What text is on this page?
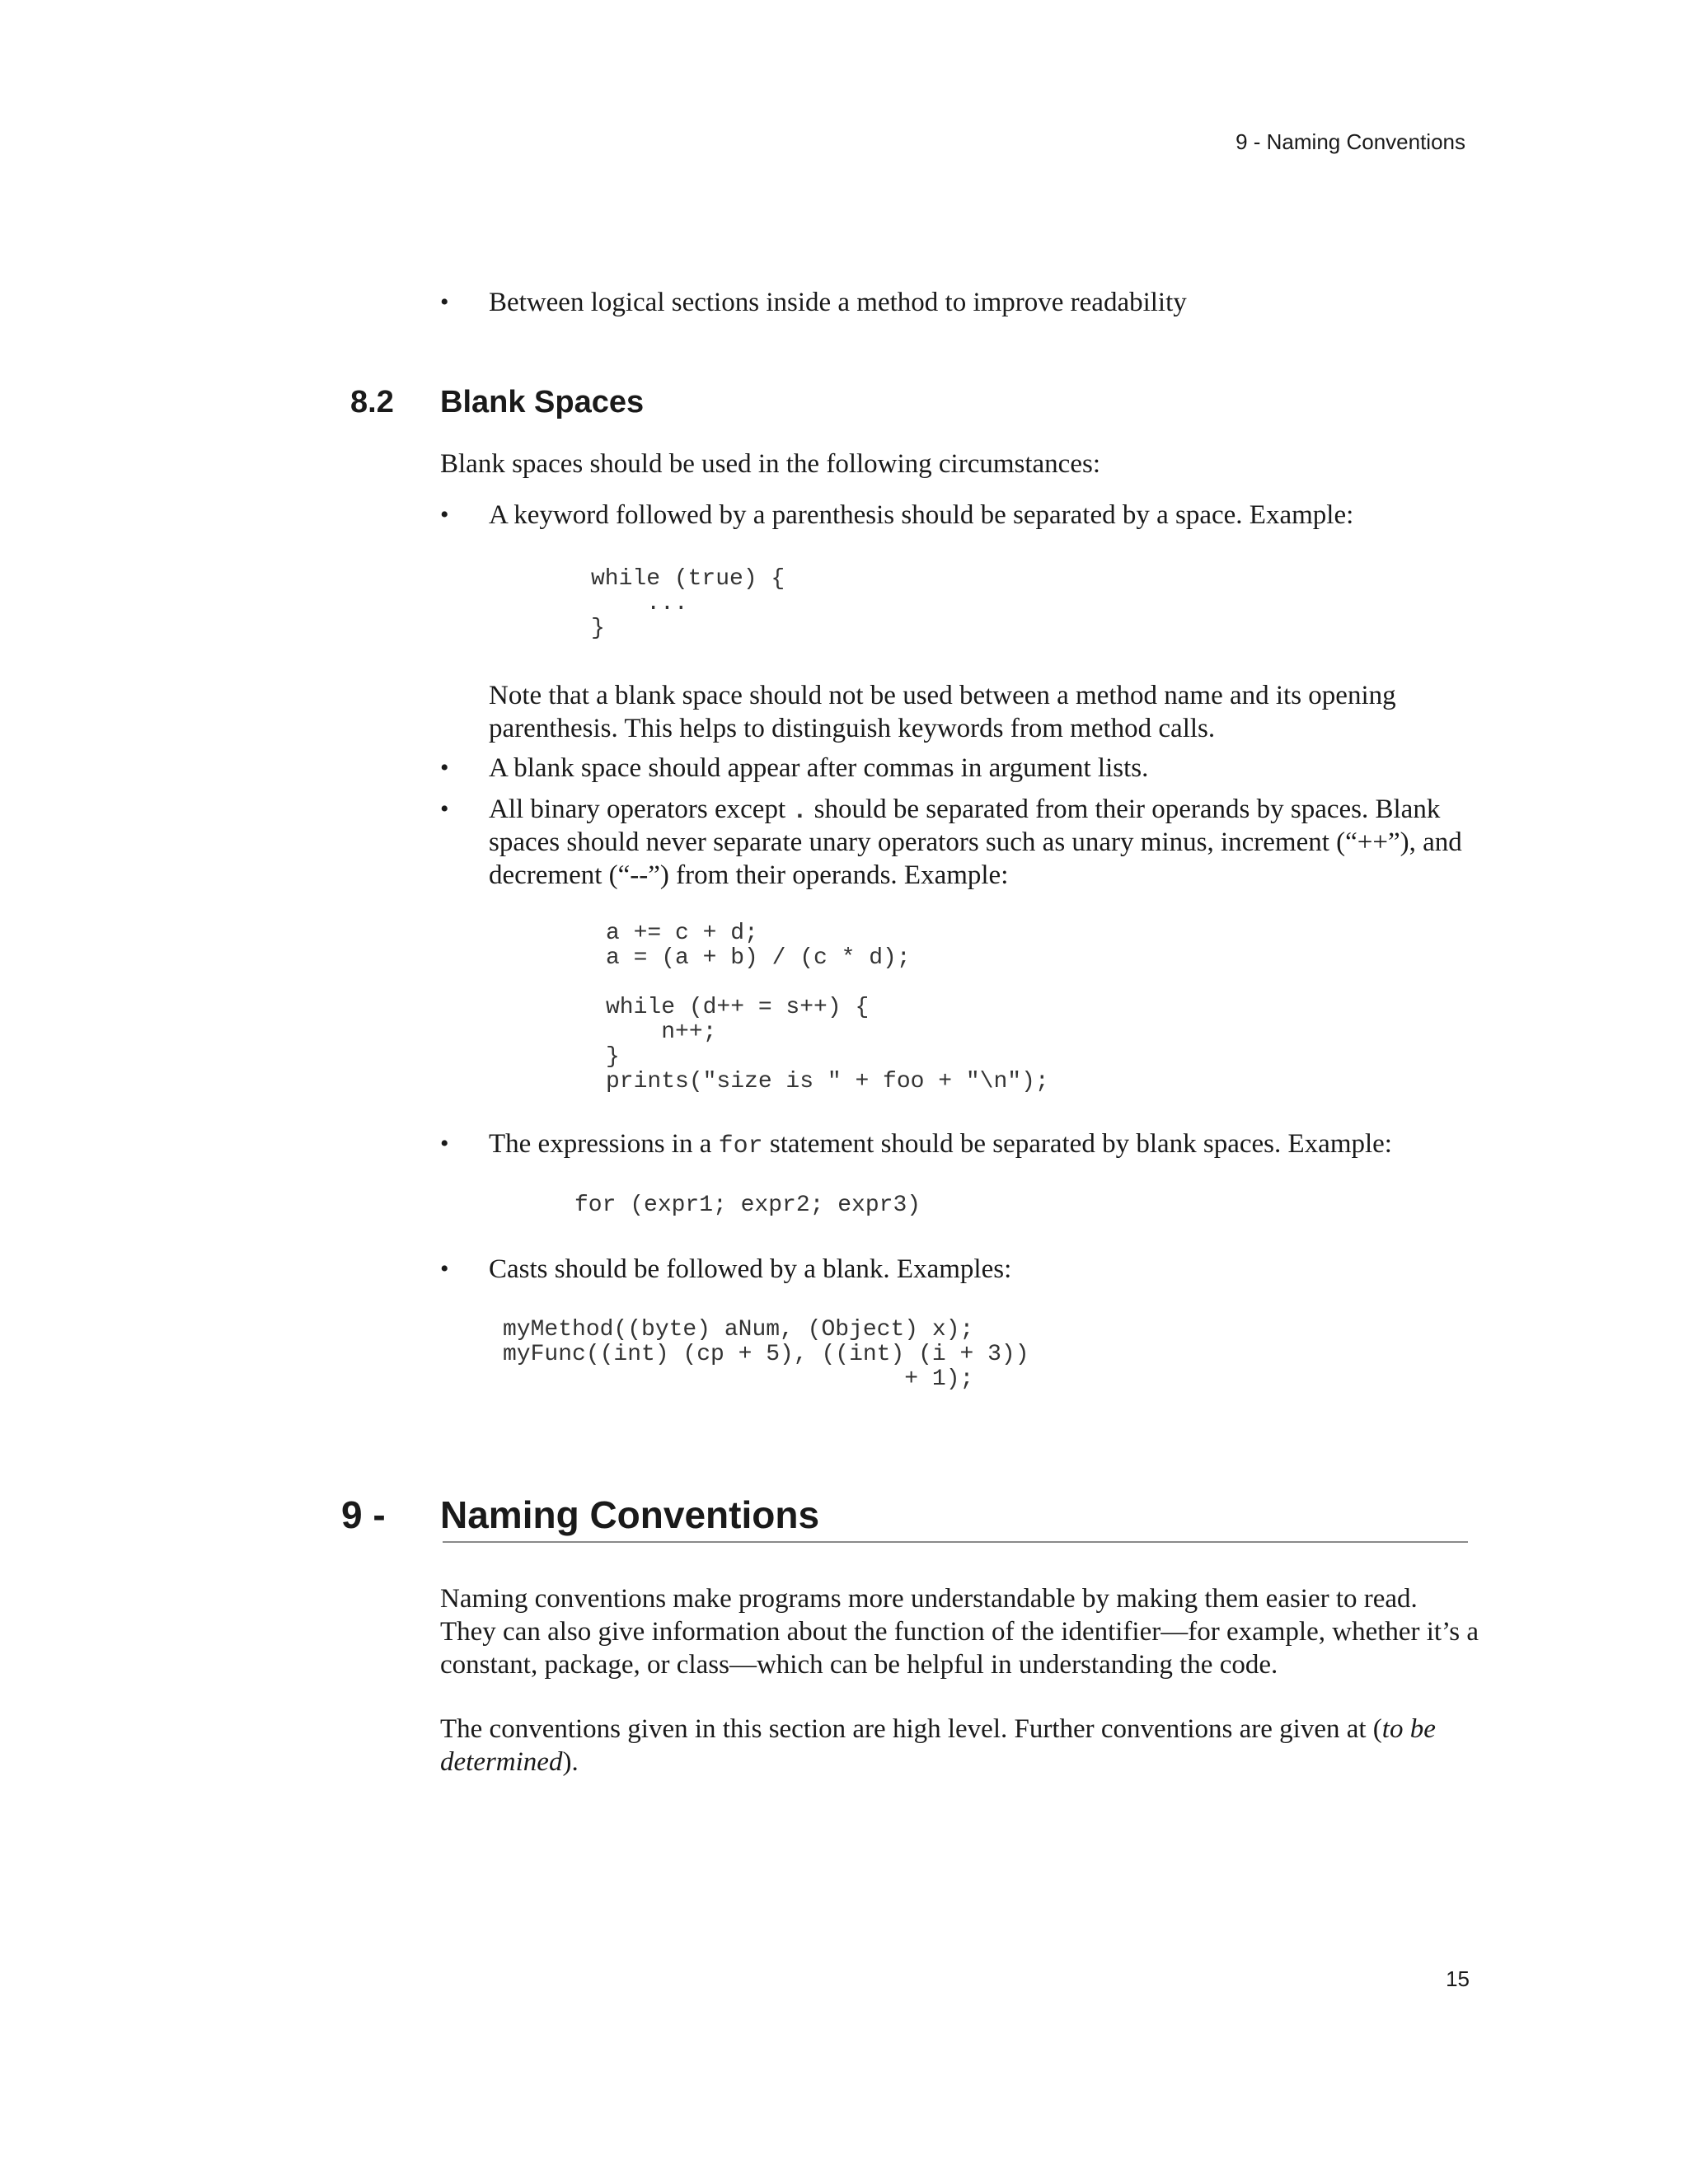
9 - Naming Conventions
• Between logical sections inside a method to improve readability
8.2 Blank Spaces
Blank spaces should be used in the following circumstances:
• A keyword followed by a parenthesis should be separated by a space. Example:
while (true) {
...
}
Note that a blank space should not be used between a method name and its opening
parenthesis. This helps to distinguish keywords from method calls.
• A blank space should appear after commas in argument lists.
• All binary operators except . should be separated from their operands by spaces. Blank
spaces should never separate unary operators such as unary minus, increment (“++”), and
decrement (“--”) from their operands. Example:
a += c + d;
a = (a + b) / (c * d);
while (d++ = s++) {
n++;
}
prints("size is " + foo + "\n");
• The expressions in a for statement should be separated by blank spaces. Example:
for (expr1; expr2; expr3)
• Casts should be followed by a blank. Examples:
myMethod((byte) aNum, (Object) x);
myFunc((int) (cp + 5), ((int) (i + 3))
+ 1);
9 - Naming Conventions
Naming conventions make programs more understandable by making them easier to read.
They can also give information about the function of the identifier—for example, whether it’s a
constant, package, or class—which can be helpful in understanding the code.
The conventions given in this section are high level. Further conventions are given at (to be
determined).
15
